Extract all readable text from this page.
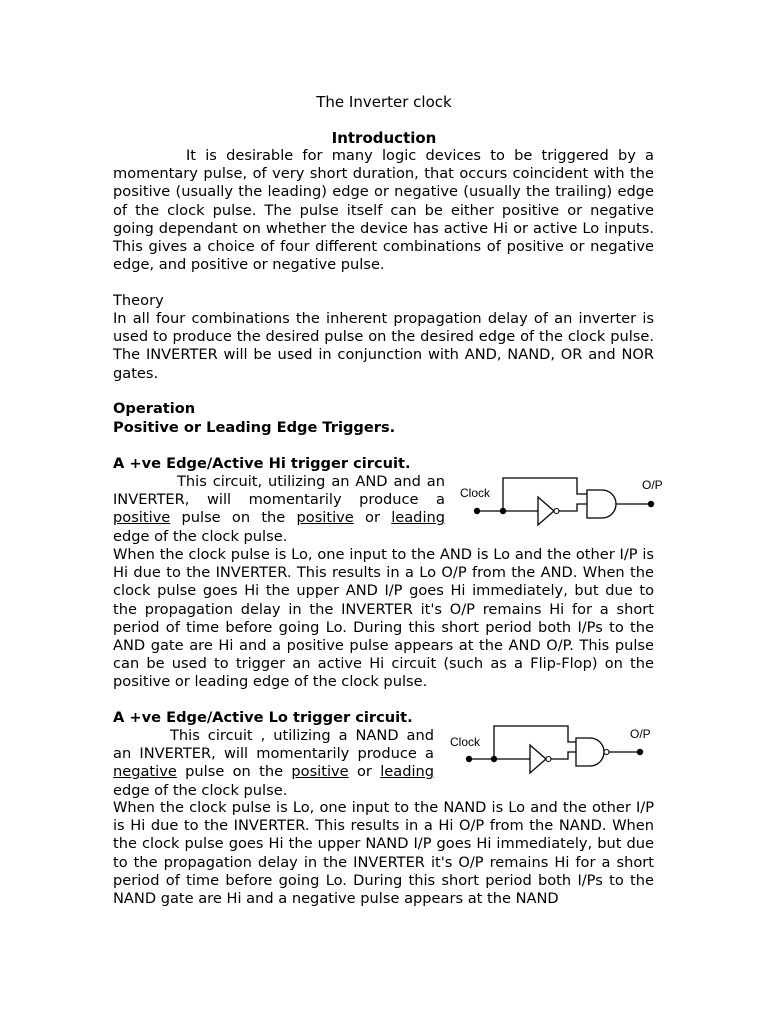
The Inverter clock
Introduction

It is desirable for many logic devices to be triggered by a momentary pulse, of very short duration, that occurs coincident with the positive (usually the leading) edge or negative (usually the trailing) edge of the clock pulse. The pulse itself can be either positive or negative going dependant on whether the device has active Hi or active Lo inputs. This gives a choice of four different combinations of positive or negative edge, and positive or negative pulse.

Theory

In all four combinations the inherent propagation delay of an inverter is used to produce the desired pulse on the desired edge of the clock pulse. The INVERTER will be used in conjunction with AND, NAND, OR and NOR gates.

Operation
Positive or Leading Edge Triggers.
A +ve Edge/Active Hi trigger circuit.

This circuit, utilizing an AND and an INVERTER, will momentarily produce a positive pulse on the positive or leading edge of the clock pulse.

Clock
O/P

When the clock pulse is Lo, one input to the AND is Lo and the other I/P is Hi due to the INVERTER. This results in a Lo O/P from the AND. When the clock pulse goes Hi the upper AND I/P goes Hi immediately, but due to the propagation delay in the INVERTER it's O/P remains Hi for a short period of time before going Lo. During this short period both I/Ps to the AND gate are Hi and a positive pulse appears at the AND O/P. This pulse can be used to trigger an active Hi circuit (such as a Flip-Flop) on the positive or leading edge of the clock pulse.

A +ve Edge/Active Lo trigger circuit.

This circuit , utilizing a NAND and an INVERTER, will momentarily produce a negative pulse on the positive or leading edge of the clock pulse.

Clock
O/P

When the clock pulse is Lo, one input to the NAND is Lo and the other I/P is Hi due to the INVERTER. This results in a Hi O/P from the NAND. When the clock pulse goes Hi the upper NAND I/P goes Hi immediately, but due to the propagation delay in the INVERTER it's O/P remains Hi for a short period of time before going Lo. During this short period both I/Ps to the NAND gate are Hi and a negative pulse appears at the NAND
